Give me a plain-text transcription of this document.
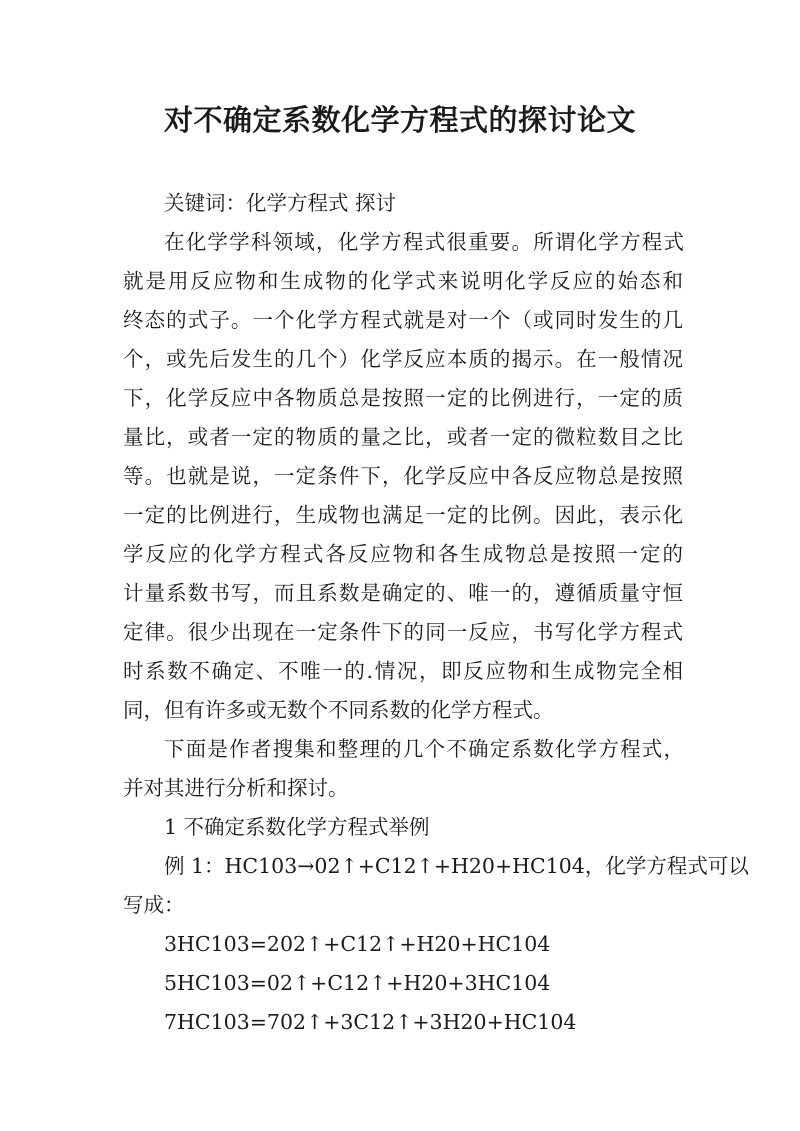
对不确定系数化学方程式的探讨论文
关键词：化学方程式 探讨
在化学学科领域，化学方程式很重要。所谓化学方程式
就是用反应物和生成物的化学式来说明化学反应的始态和
终态的式子。一个化学方程式就是对一个（或同时发生的几
个，或先后发生的几个）化学反应本质的揭示。在一般情况
下，化学反应中各物质总是按照一定的比例进行，一定的质
量比，或者一定的物质的量之比，或者一定的微粒数目之比
等。也就是说，一定条件下，化学反应中各反应物总是按照
一定的比例进行，生成物也满足一定的比例。因此，表示化
学反应的化学方程式各反应物和各生成物总是按照一定的
计量系数书写，而且系数是确定的、唯一的，遵循质量守恒
定律。很少出现在一定条件下的同一反应，书写化学方程式
时系数不确定、不唯一的.情况，即反应物和生成物完全相
同，但有许多或无数个不同系数的化学方程式。
下面是作者搜集和整理的几个不确定系数化学方程式，
并对其进行分析和探讨。
1 不确定系数化学方程式举例
例 1：HC103→02↑+C12↑+H20+HC104，化学方程式可以
写成：
3HC103=202↑+C12↑+H20+HC104
5HC103=02↑+C12↑+H20+3HC104
7HC103=702↑+3C12↑+3H20+HC104
